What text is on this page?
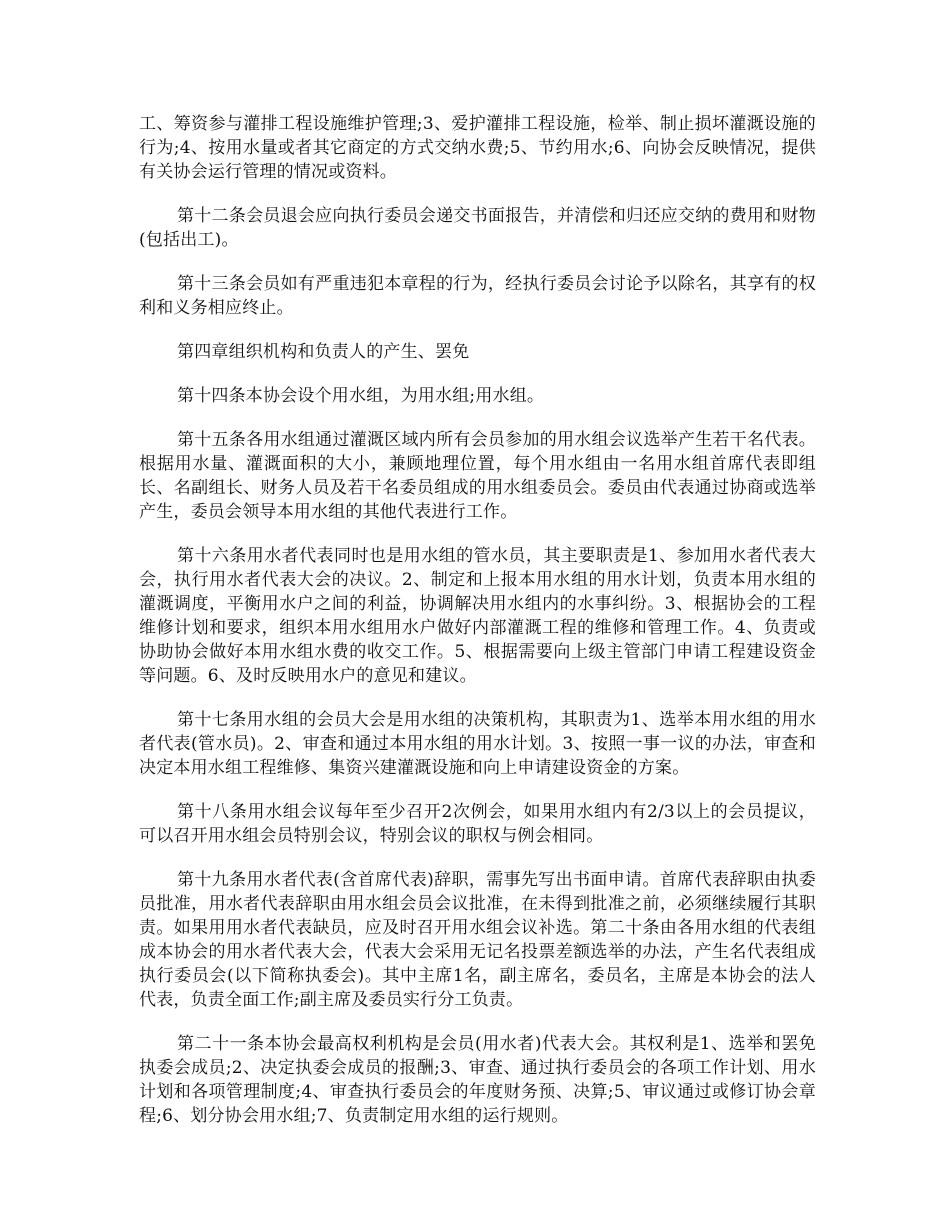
工、筹资参与灌排工程设施维护管理;3、爱护灌排工程设施，检举、制止损坏灌溉设施的行为;4、按用水量或者其它商定的方式交纳水费;5、节约用水;6、向协会反映情况，提供有关协会运行管理的情况或资料。

第十二条会员退会应向执行委员会递交书面报告，并清偿和归还应交纳的费用和财物(包括出工)。

第十三条会员如有严重违犯本章程的行为，经执行委员会讨论予以除名，其享有的权利和义务相应终止。

第四章组织机构和负责人的产生、罢免

第十四条本协会设个用水组，为用水组;用水组。

第十五条各用水组通过灌溉区域内所有会员参加的用水组会议选举产生若干名代表。根据用水量、灌溉面积的大小，兼顾地理位置，每个用水组由一名用水组首席代表即组长、名副组长、财务人员及若干名委员组成的用水组委员会。委员由代表通过协商或选举产生，委员会领导本用水组的其他代表进行工作。

第十六条用水者代表同时也是用水组的管水员，其主要职责是1、参加用水者代表大会，执行用水者代表大会的决议。2、制定和上报本用水组的用水计划，负责本用水组的灌溉调度，平衡用水户之间的利益，协调解决用水组内的水事纠纷。3、根据协会的工程维修计划和要求，组织本用水组用水户做好内部灌溉工程的维修和管理工作。4、负责或协助协会做好本用水组水费的收交工作。5、根据需要向上级主管部门申请工程建设资金等问题。6、及时反映用水户的意见和建议。

第十七条用水组的会员大会是用水组的决策机构，其职责为1、选举本用水组的用水者代表(管水员)。2、审查和通过本用水组的用水计划。3、按照一事一议的办法，审查和决定本用水组工程维修、集资兴建灌溉设施和向上申请建设资金的方案。

第十八条用水组会议每年至少召开2次例会，如果用水组内有2/3以上的会员提议，可以召开用水组会员特别会议，特别会议的职权与例会相同。

第十九条用水者代表(含首席代表)辞职，需事先写出书面申请。首席代表辞职由执委员批准，用水者代表辞职由用水组会员会议批准，在未得到批准之前，必须继续履行其职责。如果用用水者代表缺员，应及时召开用水组会议补选。第二十条由各用水组的代表组成本协会的用水者代表大会，代表大会采用无记名投票差额选举的办法，产生名代表组成执行委员会(以下简称执委会)。其中主席1名，副主席名，委员名，主席是本协会的法人代表，负责全面工作;副主席及委员实行分工负责。

第二十一条本协会最高权利机构是会员(用水者)代表大会。其权利是1、选举和罢免执委会成员;2、决定执委会成员的报酬;3、审查、通过执行委员会的各项工作计划、用水计划和各项管理制度;4、审查执行委员会的年度财务预、决算;5、审议通过或修订协会章程;6、划分协会用水组;7、负责制定用水组的运行规则。
